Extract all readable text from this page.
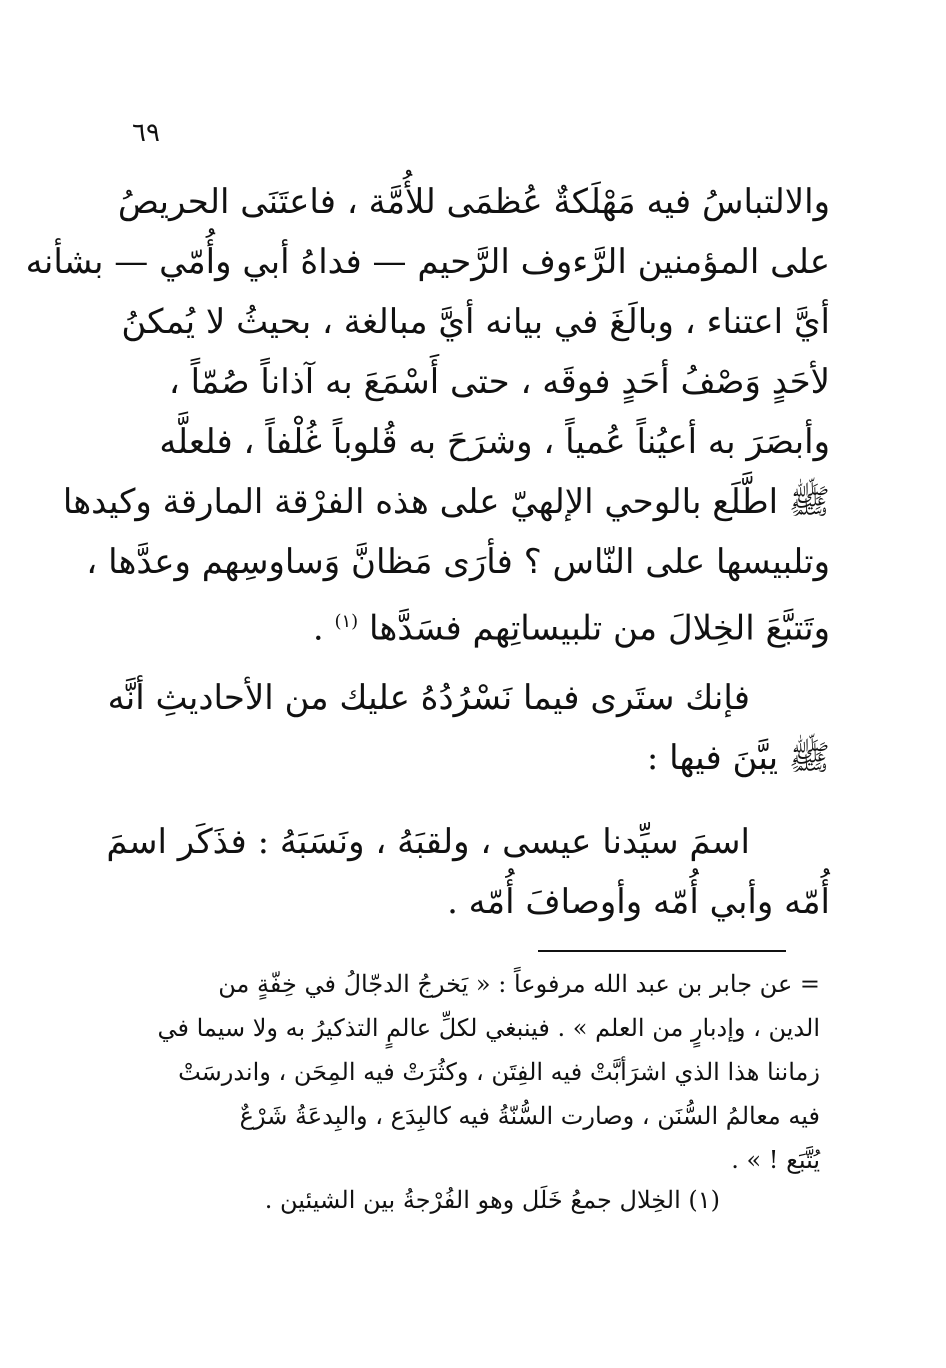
٦٩
والالتباسُ فيه مَهْلَكةٌ عُظمَى للأُمَّة ، فاعتَنَى الحريصُ
على المؤمنين الرَّءوف الرَّحيم — فداهُ أبي وأُمّي — بشأنه
أيَّ اعتناء ، وبالَغَ في بيانه أيَّ مبالغة ، بحيثُ لا يُمكنُ
لأحَدٍ وَصْفُ أحَدٍ فوقَه ، حتى أَسْمَعَ به آذاناً صُمّاً ،
وأبصَرَ به أعيُناً عُمياً ، وشرَحَ به قُلوباً غُلْفاً ، فلعلَّه
ﷺ اطَّلَع بالوحي الإلهيّ على هذه الفرْقة المارقة وكيدها
وتلبيسها على النّاس ؟ فأرَى مَظانَّ وَساوسِهم وعدَّها ،
وتَتبَّعَ الخِلالَ من تلبيساتِهم فسَدَّها $^{(١)}$ .
فإنك ستَرى فيما نَسْرُدُهُ عليك من الأحاديثِ أنَّه
ﷺ يبَّنَ فيها :
اسمَ سيِّدنا عيسى ، ولقبَهُ ، ونَسَبَهُ : فذَكَر اسمَ
أُمّه وأبي أُمّه وأوصافَ أُمّه .
= عن جابر بن عبد الله مرفوعاً : « يَخرجُ الدجّالُ في خِفّةٍ من
الدين ، وإدبارٍ من العلم » . فينبغي لكلِّ عالمٍ التذكيرُ به ولا سيما في
زماننا هذا الذي اشرَأبَّتْ فيه الفِتَن ، وكثُرَتْ فيه المِحَن ، واندرسَتْ
فيه معالمُ السُّنَن ، وصارت السُّنّةُ فيه كالبِدَع ، والبِدعَةُ شَرْعٌ
يُتَّبَع ! » .
(١) الخِلال جمعُ خَلَل وهو الفُرْجةُ بين الشيئين .
